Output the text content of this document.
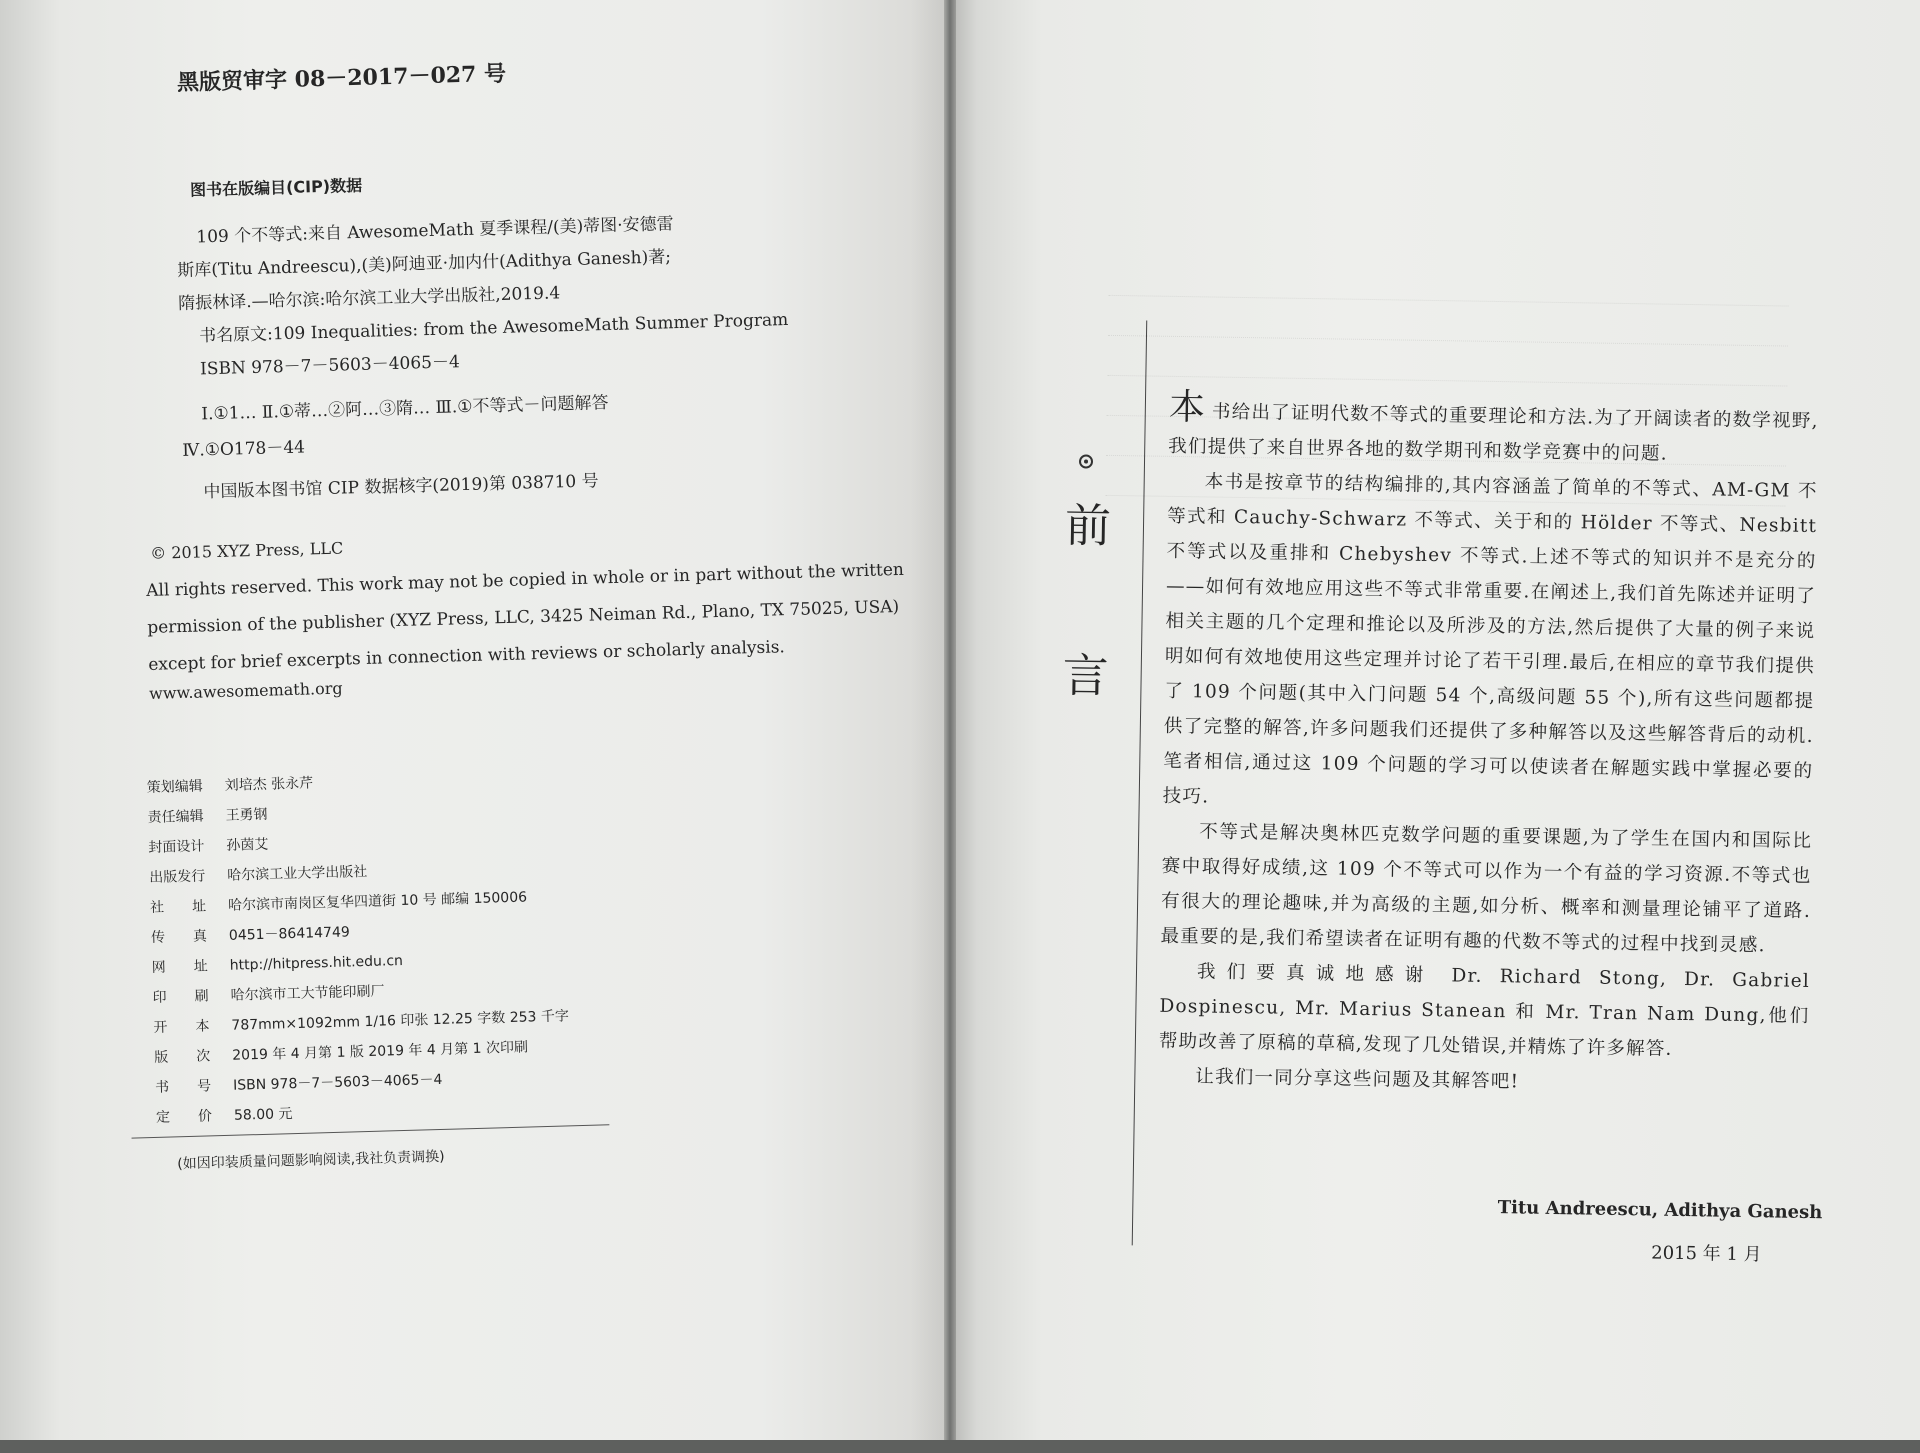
黑版贸审字 08－2017－027 号
图书在版编目(CIP)数据
109 个不等式:来自 AwesomeMath 夏季课程/(美)蒂图·安德雷
斯库(Titu Andreescu),(美)阿迪亚·加内什(Adithya Ganesh)著;
隋振林译.—哈尔滨:哈尔滨工业大学出版社,2019.4
书名原文:109 Inequalities: from the AwesomeMath Summer Program
ISBN 978－7－5603－4065－4
Ⅰ.①1… Ⅱ.①蒂…②阿…③隋… Ⅲ.①不等式－问题解答
Ⅳ.①O178－44
中国版本图书馆 CIP 数据核字(2019)第 038710 号
© 2015 XYZ Press, LLC
All rights reserved. This work may not be copied in whole or in part without the written permission of the publisher (XYZ Press, LLC, 3425 Neiman Rd., Plano, TX 75025, USA) except for brief excerpts in connection with reviews or scholarly analysis.
www.awesomemath.org
策划编辑 刘培杰 张永芹
责任编辑 王勇钢
封面设计 孙茵艾
出版发行 哈尔滨工业大学出版社
社　　址 哈尔滨市南岗区复华四道街 10 号 邮编 150006
传　　真 0451－86414749
网　　址 http://hitpress.hit.edu.cn
印　　刷 哈尔滨市工大节能印刷厂
开　　本 787mm×1092mm 1/16 印张 12.25 字数 253 千字
版　　次 2019 年 4 月第 1 版 2019 年 4 月第 1 次印刷
书　　号 ISBN 978－7－5603－4065－4
定　　价 58.00 元
(如因印装质量问题影响阅读,我社负责调换)
前
言

本书给出了证明代数不等式的重要理论和方法.为了开阔读者的数学视野,我们提供了来自世界各地的数学期刊和数学竞赛中的问题.

本书是按章节的结构编排的,其内容涵盖了简单的不等式、AM-GM 不等式和 Cauchy-Schwarz 不等式、关于和的 Hölder 不等式、Nesbitt 不等式以及重排和 Chebyshev 不等式.上述不等式的知识并不是充分的——如何有效地应用这些不等式非常重要.在阐述上,我们首先陈述并证明了相关主题的几个定理和推论以及所涉及的方法,然后提供了大量的例子来说明如何有效地使用这些定理并讨论了若干引理.最后,在相应的章节我们提供了 109 个问题(其中入门问题 54 个,高级问题 55 个),所有这些问题都提供了完整的解答,许多问题我们还提供了多种解答以及这些解答背后的动机.笔者相信,通过这 109 个问题的学习可以使读者在解题实践中掌握必要的技巧.

不等式是解决奥林匹克数学问题的重要课题,为了学生在国内和国际比赛中取得好成绩,这 109 个不等式可以作为一个有益的学习资源.不等式也有很大的理论趣味,并为高级的主题,如分析、概率和测量理论铺平了道路.最重要的是,我们希望读者在证明有趣的代数不等式的过程中找到灵感.

我们要真诚地感谢 Dr. Richard Stong, Dr. Gabriel Dospinescu, Mr. Marius Stanean 和 Mr. Tran Nam Dung,他们帮助改善了原稿的草稿,发现了几处错误,并精炼了许多解答.

让我们一同分享这些问题及其解答吧!

Titu Andreescu, Adithya Ganesh
2015 年 1 月
